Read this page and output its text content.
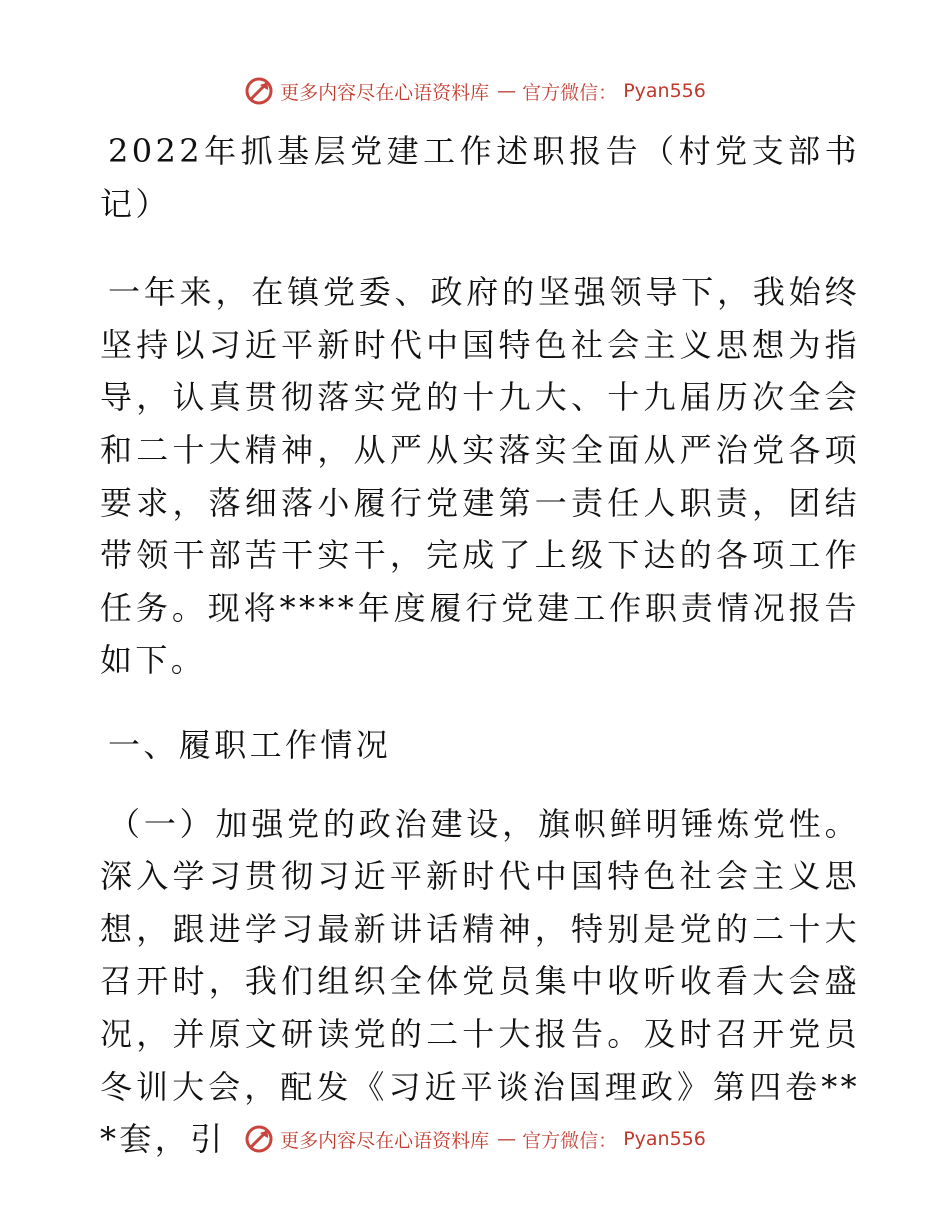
更多内容尽在心语资料库 — 官方微信： Pyan556

2022年抓基层党建工作述职报告（村党支部书记）

一年来，在镇党委、政府的坚强领导下，我始终坚持以习近平新时代中国特色社会主义思想为指导，认真贯彻落实党的十九大、十九届历次全会和二十大精神，从严从实落实全面从严治党各项要求，落细落小履行党建第一责任人职责，团结带领干部苦干实干，完成了上级下达的各项工作任务。现将****年度履行党建工作职责情况报告如下。

一、履职工作情况

（一）加强党的政治建设，旗帜鲜明锤炼党性。深入学习贯彻习近平新时代中国特色社会主义思想，跟进学习最新讲话精神，特别是党的二十大召开时，我们组织全体党员集中收听收看大会盛况，并原文研读党的二十大报告。及时召开党员冬训大会，配发《习近平谈治国理政》第四卷***套，引	更多内容尽在心语资料库 — 官方微信： Pyan556
